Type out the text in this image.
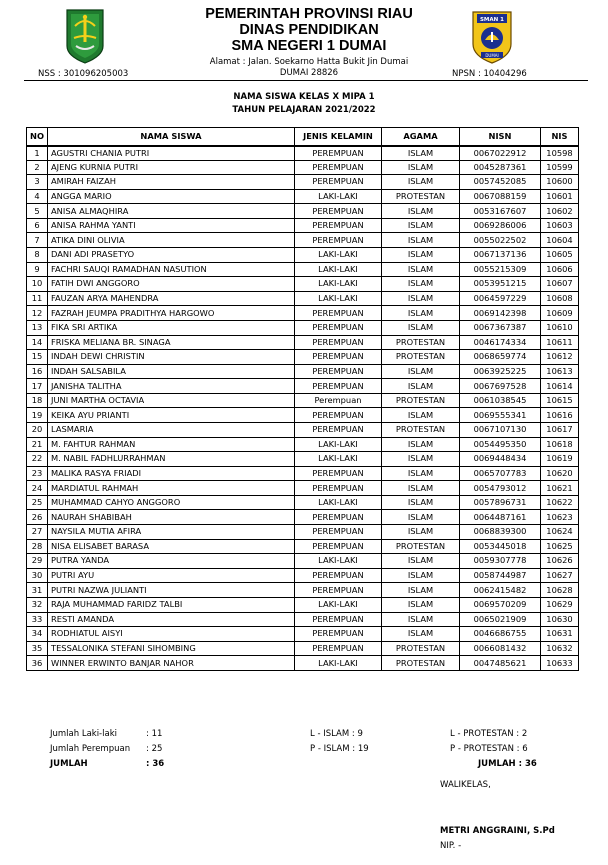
PEMERINTAH PROVINSI RIAU
DINAS PENDIDIKAN
SMA NEGERI 1 DUMAI
Alamat : Jalan. Soekarno Hatta Bukit Jin Dumai
DUMAI 28826
SMAN 1
DUMAI
NSS : 301096205003	NPSN : 10404296
NAMA SISWA KELAS X MIPA 1
TAHUN PELAJARAN 2021/2022
NO	NAMA SISWA	JENIS KELAMIN	AGAMA	NISN	NIS
1	AGUSTRI CHANIA PUTRI	PEREMPUAN	ISLAM	0067022912	10598
2	AJENG KURNIA PUTRI	PEREMPUAN	ISLAM	0045287361	10599
3	AMIRAH FAIZAH	PEREMPUAN	ISLAM	0057452085	10600
4	ANGGA MARIO	LAKI-LAKI	PROTESTAN	0067088159	10601
5	ANISA ALMAQHIRA	PEREMPUAN	ISLAM	0053167607	10602
6	ANISA RAHMA YANTI	PEREMPUAN	ISLAM	0069286006	10603
7	ATIKA DINI OLIVIA	PEREMPUAN	ISLAM	0055022502	10604
8	DANI ADI PRASETYO	LAKI-LAKI	ISLAM	0067137136	10605
9	FACHRI SAUQI RAMADHAN NASUTION	LAKI-LAKI	ISLAM	0055215309	10606
10	FATIH DWI ANGGORO	LAKI-LAKI	ISLAM	0053951215	10607
11	FAUZAN ARYA MAHENDRA	LAKI-LAKI	ISLAM	0064597229	10608
12	FAZRAH JEUMPA PRADITHYA HARGOWO	PEREMPUAN	ISLAM	0069142398	10609
13	FIKA SRI ARTIKA	PEREMPUAN	ISLAM	0067367387	10610
14	FRISKA MELIANA BR. SINAGA	PEREMPUAN	PROTESTAN	0046174334	10611
15	INDAH DEWI CHRISTIN	PEREMPUAN	PROTESTAN	0068659774	10612
16	INDAH SALSABILA	PEREMPUAN	ISLAM	0063925225	10613
17	JANISHA TALITHA	PEREMPUAN	ISLAM	0067697528	10614
18	JUNI MARTHA OCTAVIA	Perempuan	PROTESTAN	0061038545	10615
19	KEIKA AYU PRIANTI	PEREMPUAN	ISLAM	0069555341	10616
20	LASMARIA	PEREMPUAN	PROTESTAN	0067107130	10617
21	M. FAHTUR RAHMAN	LAKI-LAKI	ISLAM	0054495350	10618
22	M. NABIL FADHLURRAHMAN	LAKI-LAKI	ISLAM	0069448434	10619
23	MALIKA RASYA FRIADI	PEREMPUAN	ISLAM	0065707783	10620
24	MARDIATUL RAHMAH	PEREMPUAN	ISLAM	0054793012	10621
25	MUHAMMAD CAHYO ANGGORO	LAKI-LAKI	ISLAM	0057896731	10622
26	NAURAH SHABIBAH	PEREMPUAN	ISLAM	0064487161	10623
27	NAYSILA MUTIA AFIRA	PEREMPUAN	ISLAM	0068839300	10624
28	NISA ELISABET BARASA	PEREMPUAN	PROTESTAN	0053445018	10625
29	PUTRA YANDA	LAKI-LAKI	ISLAM	0059307778	10626
30	PUTRI AYU	PEREMPUAN	ISLAM	0058744987	10627
31	PUTRI NAZWA JULIANTI	PEREMPUAN	ISLAM	0062415482	10628
32	RAJA MUHAMMAD FARIDZ TALBI	LAKI-LAKI	ISLAM	0069570209	10629
33	RESTI AMANDA	PEREMPUAN	ISLAM	0065021909	10630
34	RODHIATUL AISYI	PEREMPUAN	ISLAM	0046686755	10631
35	TESSALONIKA STEFANI SIHOMBING	PEREMPUAN	PROTESTAN	0066081432	10632
36	WINNER ERWINTO BANJAR NAHOR	LAKI-LAKI	PROTESTAN	0047485621	10633
Jumlah Laki-laki	: 11
Jumlah Perempuan : 25
JUMLAH	: 36
L - ISLAM : 9
P - ISLAM : 19
L - PROTESTAN : 2
P - PROTESTAN : 6
JUMLAH : 36
WALIKELAS,
METRI ANGGRAINI, S.Pd
NIP. -
